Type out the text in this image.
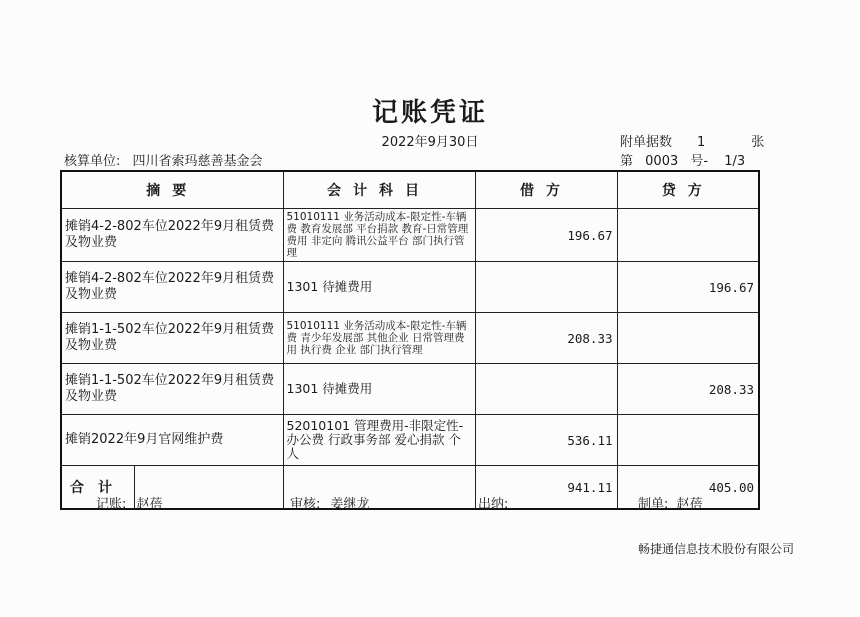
记账凭证
2022年9月30日	附单据数 1	张
核算单位: 四川省索玛慈善基金会	第 0003 号- 1/3
摘要	会计科目	借方	贷方
摊销4-2-802车位2022年9月租赁费及物业费	51010111 业务活动成本-限定性-车辆费 教育发展部 平台捐款 教育-日常管理费用 非定向 腾讯公益平台 部门执行管理	196.67	
摊销4-2-802车位2022年9月租赁费及物业费	1301 待摊费用		196.67
摊销1-1-502车位2022年9月租赁费及物业费	51010111 业务活动成本-限定性-车辆费 青少年发展部 其他企业 日常管理费用 执行费 企业 部门执行管理	208.33	
摊销1-1-502车位2022年9月租赁费及物业费	1301 待摊费用		208.33
摊销2022年9月官网维护费	52010101 管理费用-非限定性-办公费 行政事务部 爱心捐款 个人	536.11	

合计		941.11	405.00
记账: 赵蓓	审核: 姜继龙	出纳:	制单: 赵蓓
畅捷通信息技术股份有限公司
